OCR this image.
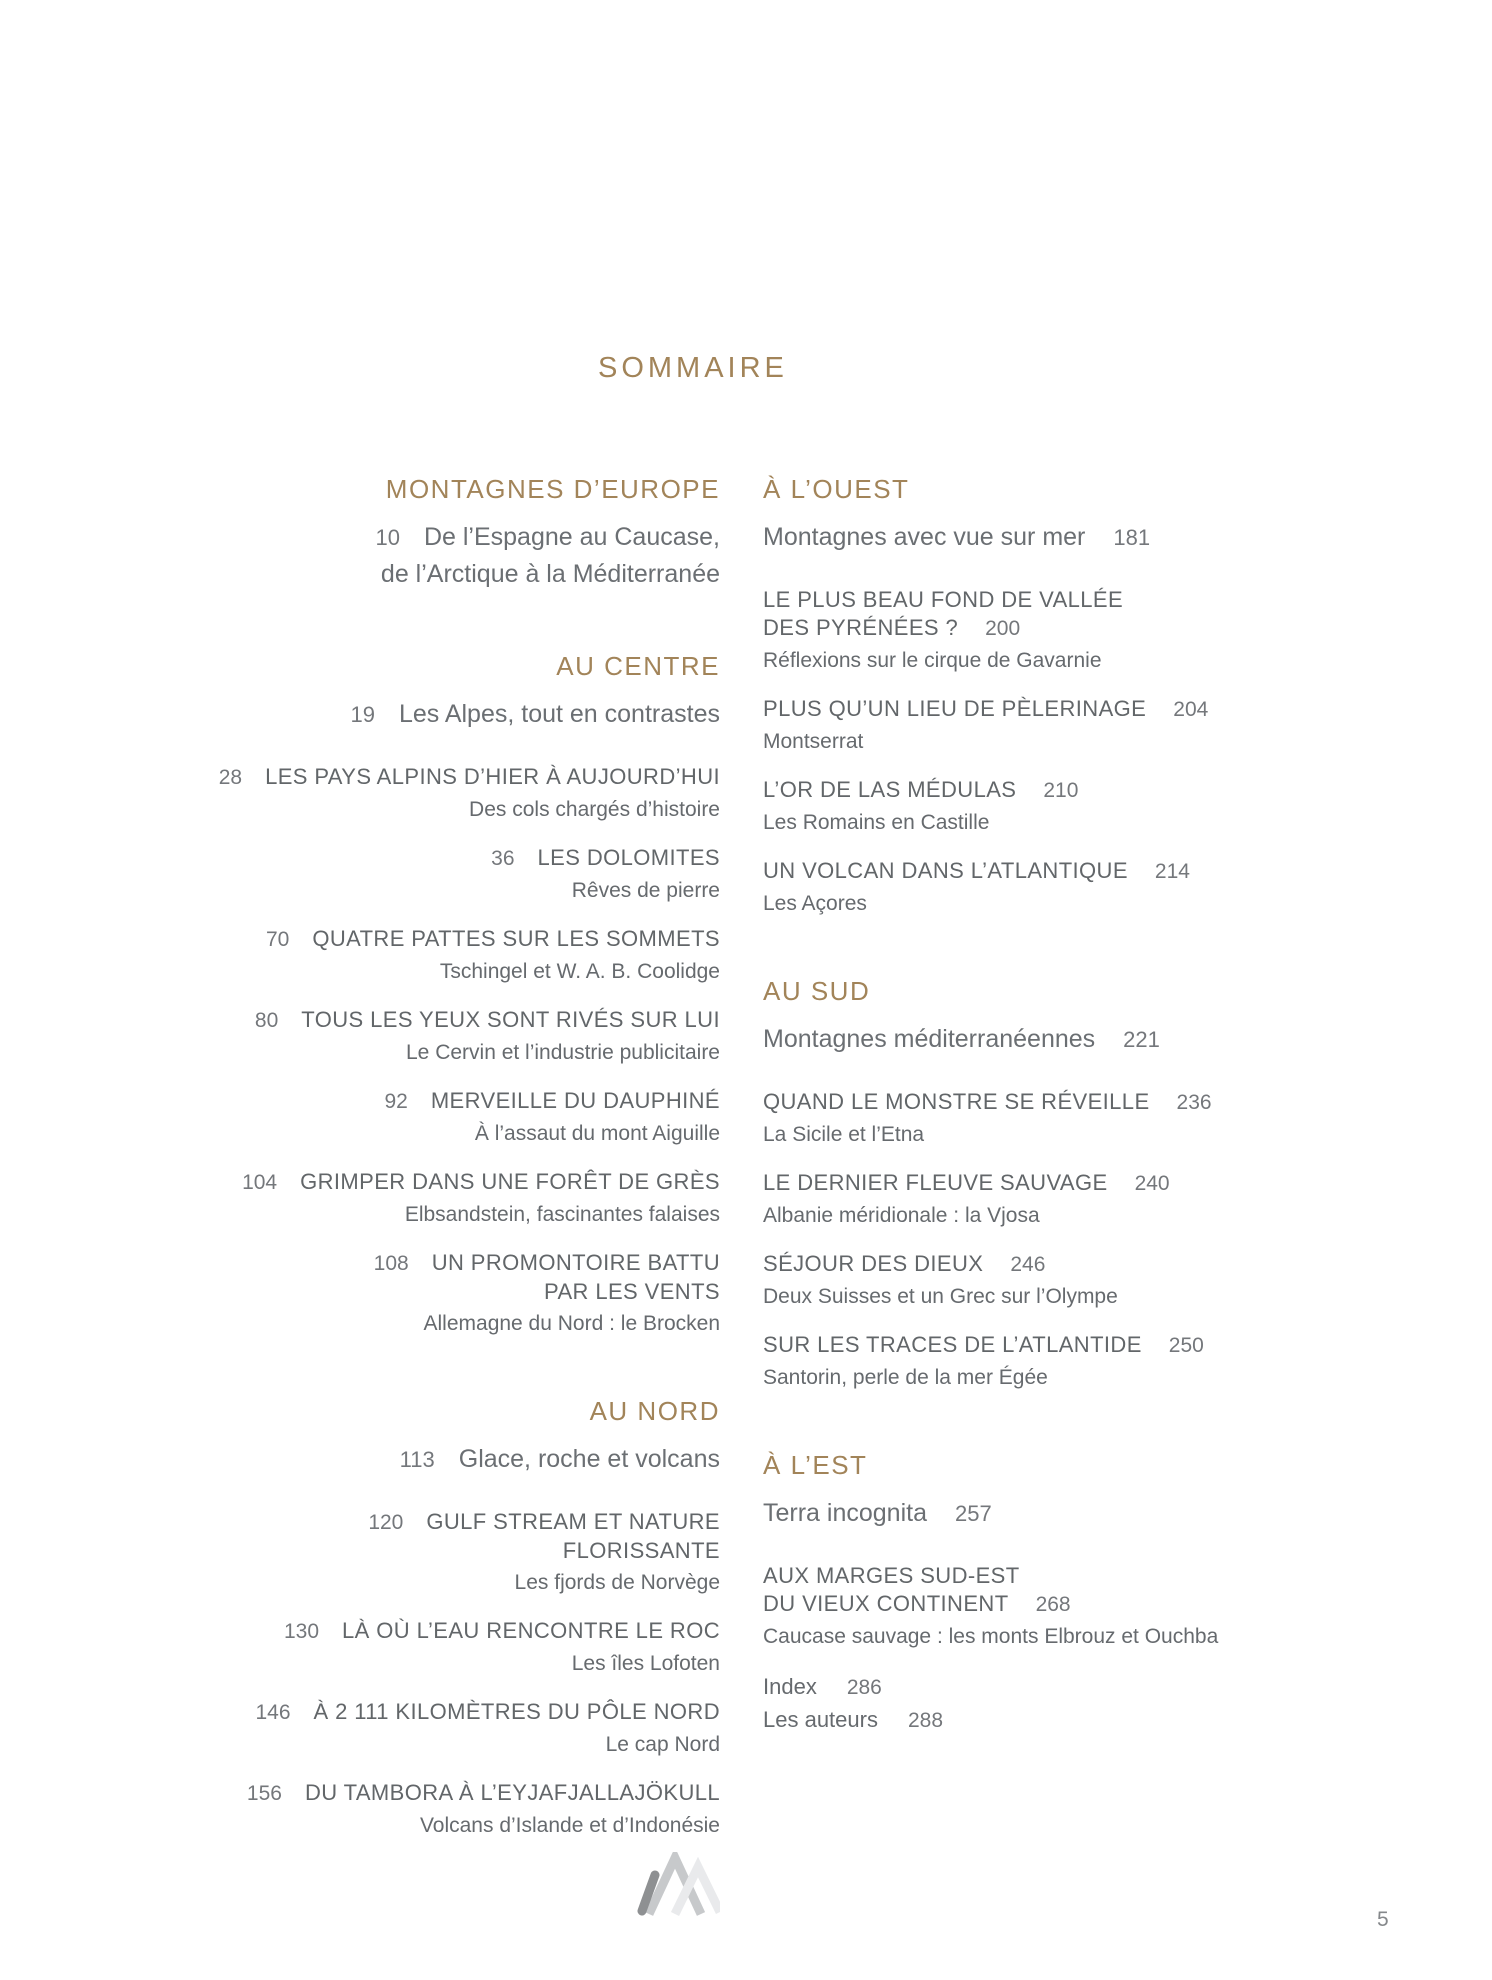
SOMMAIRE
MONTAGNES D’EUROPE
10 De l’Espagne au Caucase,
de l’Arctique à la Méditerranée
AU CENTRE
19 Les Alpes, tout en contrastes
28 LES PAYS ALPINS D’HIER À AUJOURD’HUI
Des cols chargés d’histoire
36 LES DOLOMITES
Rêves de pierre
70 QUATRE PATTES SUR LES SOMMETS
Tschingel et W. A. B. Coolidge
80 TOUS LES YEUX SONT RIVÉS SUR LUI
Le Cervin et l’industrie publicitaire
92 MERVEILLE DU DAUPHINÉ
À l’assaut du mont Aiguille
104 GRIMPER DANS UNE FORÊT DE GRÈS
Elbsandstein, fascinantes falaises
108 UN PROMONTOIRE BATTU
PAR LES VENTS
Allemagne du Nord : le Brocken
AU NORD
113 Glace, roche et volcans
120 GULF STREAM ET NATURE
FLORISSANTE
Les fjords de Norvège
130 LÀ OÙ L’EAU RENCONTRE LE ROC
Les îles Lofoten
146 À 2 111 KILOMÈTRES DU PÔLE NORD
Le cap Nord
156 DU TAMBORA À L’EYJAFJALLAJÖKULL
Volcans d’Islande et d’Indonésie
À L’OUEST
Montagnes avec vue sur mer 181
LE PLUS BEAU FOND DE VALLÉE
DES PYRÉNÉES ? 200
Réflexions sur le cirque de Gavarnie
PLUS QU’UN LIEU DE PÈLERINAGE 204
Montserrat
L’OR DE LAS MÉDULAS 210
Les Romains en Castille
UN VOLCAN DANS L’ATLANTIQUE 214
Les Açores
AU SUD
Montagnes méditerranéennes 221
QUAND LE MONSTRE SE RÉVEILLE 236
La Sicile et l’Etna
LE DERNIER FLEUVE SAUVAGE 240
Albanie méridionale : la Vjosa
SÉJOUR DES DIEUX 246
Deux Suisses et un Grec sur l’Olympe
SUR LES TRACES DE L’ATLANTIDE 250
Santorin, perle de la mer Égée
À L’EST
Terra incognita 257
AUX MARGES SUD-EST
DU VIEUX CONTINENT 268
Caucase sauvage : les monts Elbrouz et Ouchba
Index 286
Les auteurs 288
5
